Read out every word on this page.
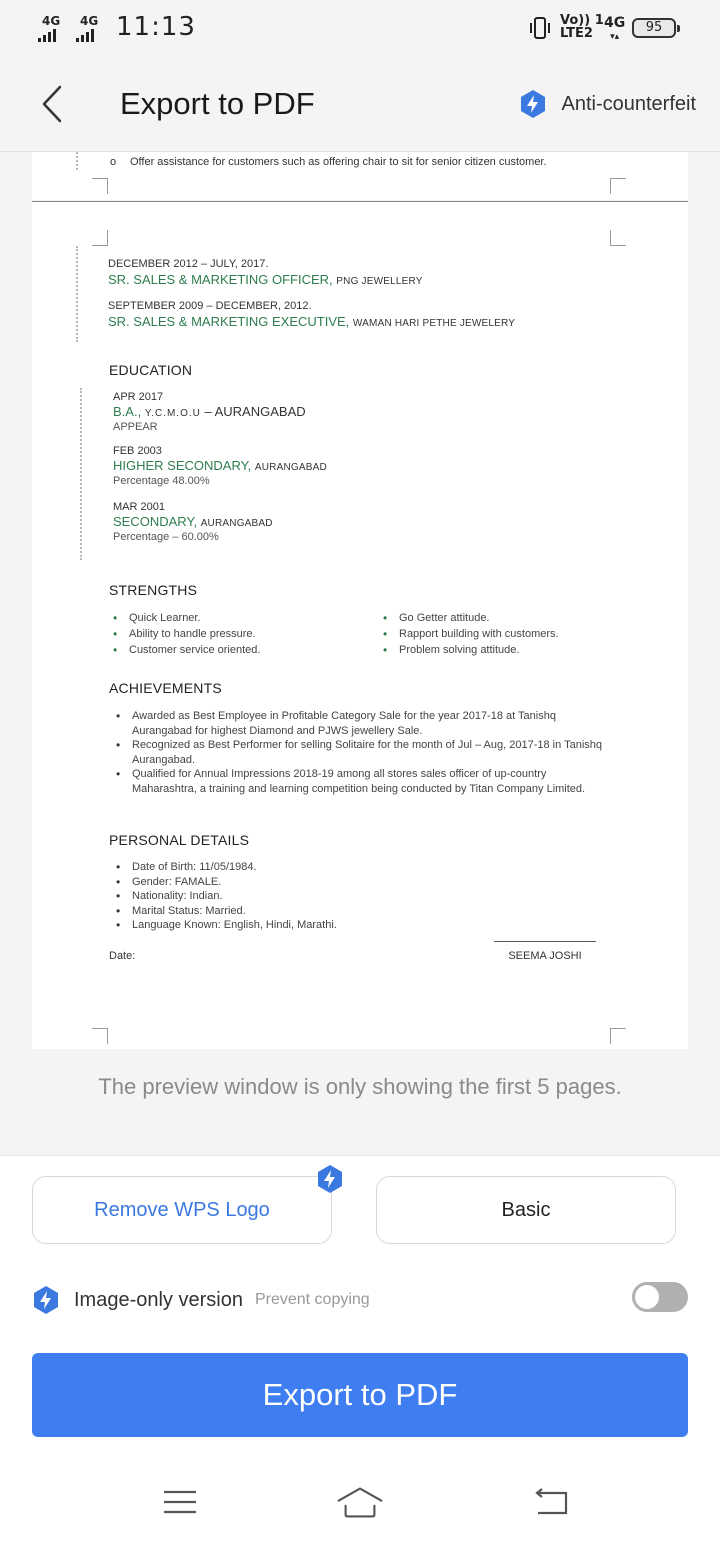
4G 4G 11:13	Vo)) 1
LTE2
4G
▾▴
95
Export to PDF	Anti-counterfeit
o Offer assistance for customers such as offering chair to sit for senior citizen customer.
DECEMBER 2012 – JULY, 2017.
SR. SALES & MARKETING OFFICER, PNG JEWELLERY
SEPTEMBER 2009 – DECEMBER, 2012.
SR. SALES & MARKETING EXECUTIVE, WAMAN HARI PETHE JEWELERY
EDUCATION
APR 2017
B.A., Y.C.M.O.U – AURANGABAD
APPEAR
FEB 2003
HIGHER SECONDARY, AURANGABAD
Percentage 48.00%
MAR 2001
SECONDARY, AURANGABAD
Percentage – 60.00%
STRENGTHS
• Quick Learner.
• Ability to handle pressure.
• Customer service oriented.
• Go Getter attitude.
• Rapport building with customers.
• Problem solving attitude.
ACHIEVEMENTS
• Awarded as Best Employee in Profitable Category Sale for the year 2017-18 at Tanishq Aurangabad for highest Diamond and PJWS jewellery Sale.
• Recognized as Best Performer for selling Solitaire for the month of Jul – Aug, 2017-18 in Tanishq Aurangabad.
• Qualified for Annual Impressions 2018-19 among all stores sales officer of up-country Maharashtra, a training and learning competition being conducted by Titan Company Limited.
PERSONAL DETAILS
• Date of Birth: 11/05/1984.
• Gender: FAMALE.
• Nationality: Indian.
• Marital Status: Married.
• Language Known: English, Hindi, Marathi.
Date:	SEEMA JOSHI
The preview window is only showing the first 5 pages.
Remove WPS Logo	Basic
Image-only version Prevent copying
Export to PDF
